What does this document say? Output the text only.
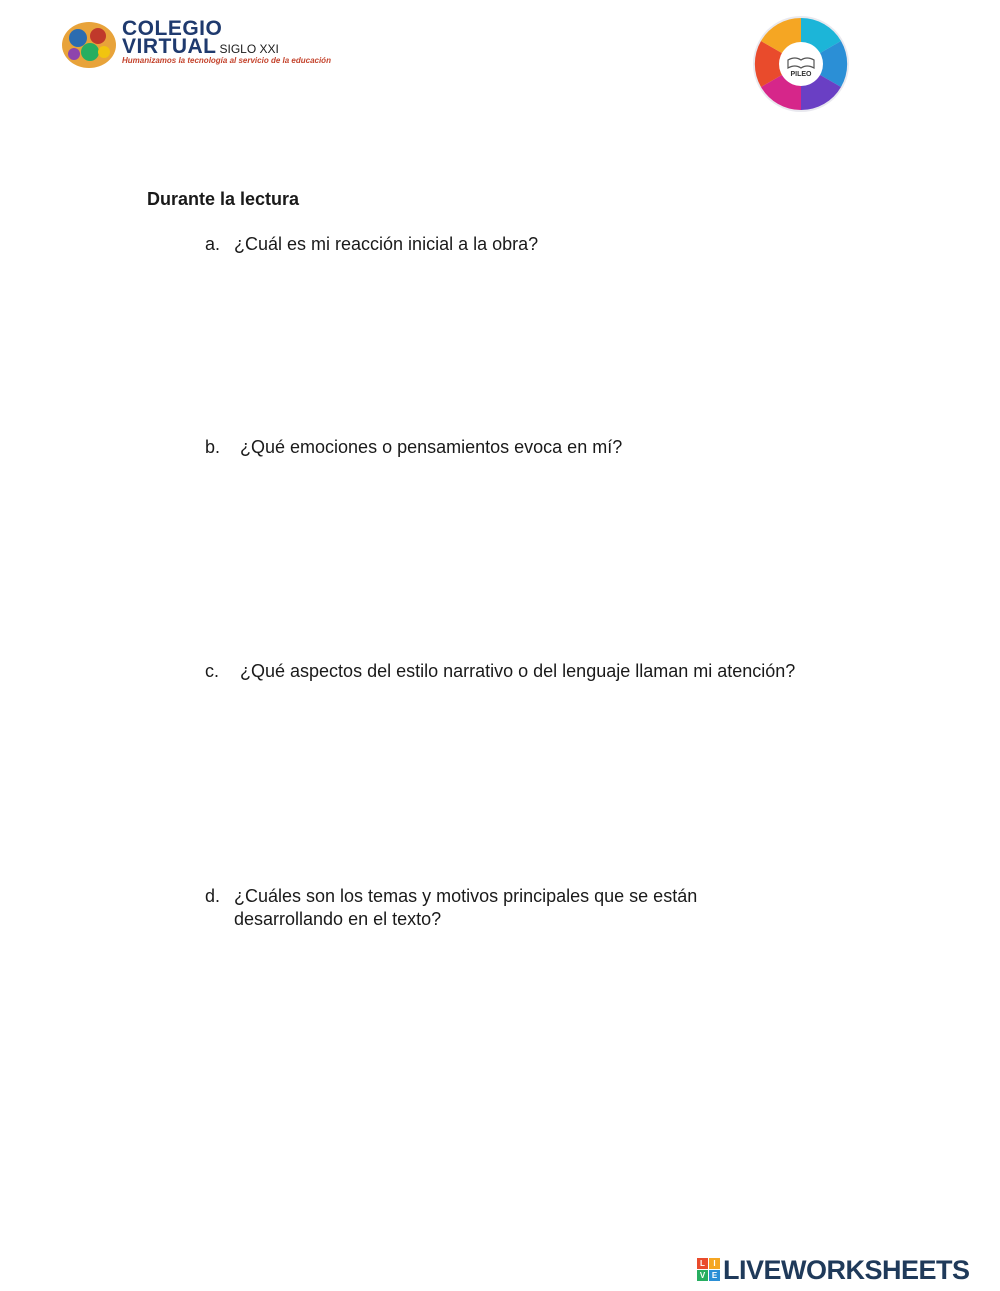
COLEGIO
VIRTUAL SIGLO XXI
Humanizamos la tecnología al servicio de la educación
PILEO
Durante la lectura
a. ¿Cuál es mi reacción inicial a la obra?
b. ¿Qué emociones o pensamientos evoca en mí?
c. ¿Qué aspectos del estilo narrativo o del lenguaje llaman mi atención?
d. ¿Cuáles son los temas y motivos principales que se están
desarrollando en el texto?
L	I
V E LIVEWORKSHEETS
